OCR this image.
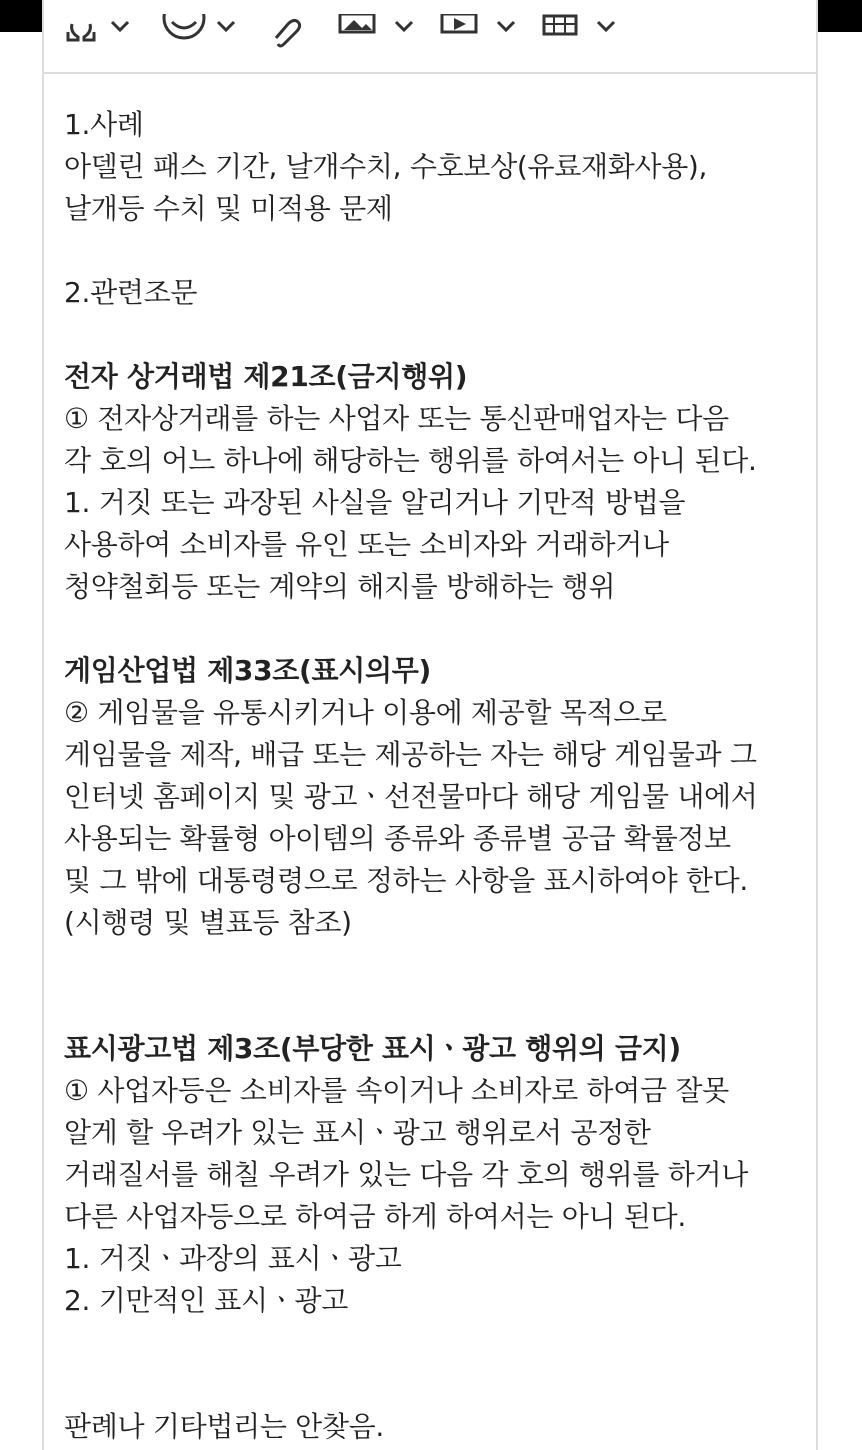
1.사례
아델린 패스 기간, 날개수치, 수호보상(유료재화사용),
날개등 수치 및 미적용 문제
2.관련조문
전자 상거래법 제21조(금지행위)
① 전자상거래를 하는 사업자 또는 통신판매업자는 다음
각 호의 어느 하나에 해당하는 행위를 하여서는 아니 된다.
1. 거짓 또는 과장된 사실을 알리거나 기만적 방법을
사용하여 소비자를 유인 또는 소비자와 거래하거나
청약철회등 또는 계약의 해지를 방해하는 행위
게임산업법 제33조(표시의무)
② 게임물을 유통시키거나 이용에 제공할 목적으로
게임물을 제작, 배급 또는 제공하는 자는 해당 게임물과 그
인터넷 홈페이지 및 광고ㆍ선전물마다 해당 게임물 내에서
사용되는 확률형 아이템의 종류와 종류별 공급 확률정보
및 그 밖에 대통령령으로 정하는 사항을 표시하여야 한다.
(시행령 및 별표등 참조)
표시광고법 제3조(부당한 표시ㆍ광고 행위의 금지)
① 사업자등은 소비자를 속이거나 소비자로 하여금 잘못
알게 할 우려가 있는 표시ㆍ광고 행위로서 공정한
거래질서를 해칠 우려가 있는 다음 각 호의 행위를 하거나
다른 사업자등으로 하여금 하게 하여서는 아니 된다.
1. 거짓ㆍ과장의 표시ㆍ광고
2. 기만적인 표시ㆍ광고
판례나 기타법리는 안찾음.
